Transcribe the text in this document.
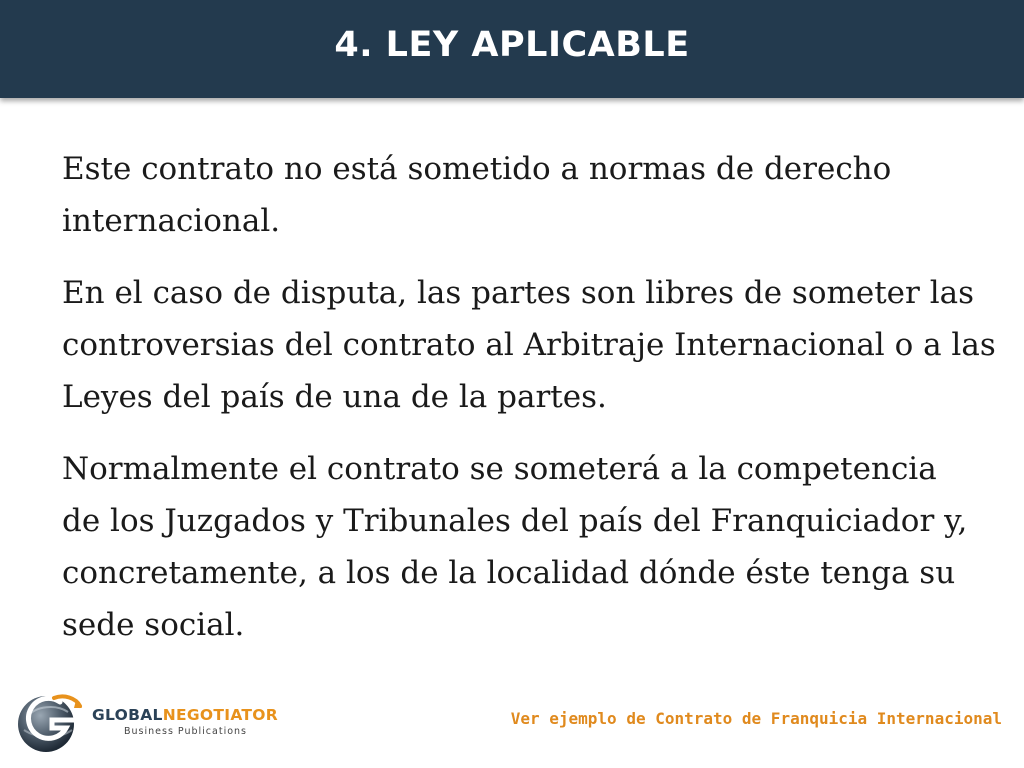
4. LEY APLICABLE

Este contrato no está sometido a normas de derecho
internacional.

En el caso de disputa, las partes son libres de someter las
controversias del contrato al Arbitraje Internacional o a las
Leyes del país de una de la partes.

Normalmente el contrato se someterá a la competencia
de los Juzgados y Tribunales del país del Franquiciador y,
concretamente, a los de la localidad dónde éste tenga su
sede social.

GLOBALNEGOTIATOR
Business Publications
Ver ejemplo de Contrato de Franquicia Internacional
